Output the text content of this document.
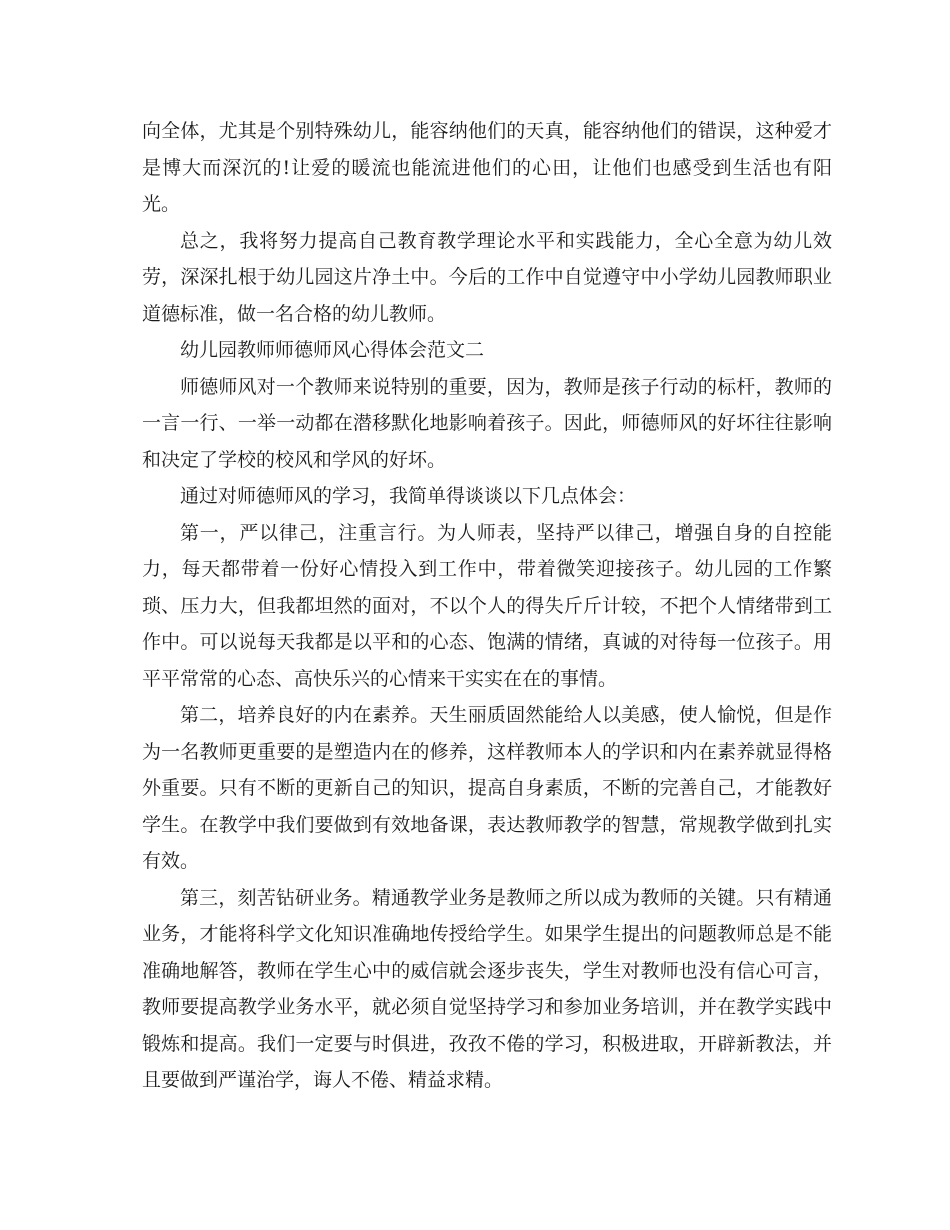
向全体，尤其是个别特殊幼儿，能容纳他们的天真，能容纳他们的错误，这种爱才是博大而深沉的!让爱的暖流也能流进他们的心田，让他们也感受到生活也有阳光。

总之，我将努力提高自己教育教学理论水平和实践能力，全心全意为幼儿效劳，深深扎根于幼儿园这片净土中。今后的工作中自觉遵守中小学幼儿园教师职业道德标准，做一名合格的幼儿教师。

幼儿园教师师德师风心得体会范文二

师德师风对一个教师来说特别的重要，因为，教师是孩子行动的标杆，教师的一言一行、一举一动都在潜移默化地影响着孩子。因此，师德师风的好坏往往影响和决定了学校的校风和学风的好坏。

通过对师德师风的学习，我简单得谈谈以下几点体会：

第一，严以律己，注重言行。为人师表，坚持严以律己，增强自身的自控能力，每天都带着一份好心情投入到工作中，带着微笑迎接孩子。幼儿园的工作繁琐、压力大，但我都坦然的面对，不以个人的得失斤斤计较，不把个人情绪带到工作中。可以说每天我都是以平和的心态、饱满的情绪，真诚的对待每一位孩子。用平平常常的心态、高快乐兴的心情来干实实在在的事情。

第二，培养良好的内在素养。天生丽质固然能给人以美感，使人愉悦，但是作为一名教师更重要的是塑造内在的修养，这样教师本人的学识和内在素养就显得格外重要。只有不断的更新自己的知识，提高自身素质，不断的完善自己，才能教好学生。在教学中我们要做到有效地备课，表达教师教学的智慧，常规教学做到扎实有效。

第三，刻苦钻研业务。精通教学业务是教师之所以成为教师的关键。只有精通业务，才能将科学文化知识准确地传授给学生。如果学生提出的问题教师总是不能准确地解答，教师在学生心中的威信就会逐步丧失，学生对教师也没有信心可言，教师要提高教学业务水平，就必须自觉坚持学习和参加业务培训，并在教学实践中锻炼和提高。我们一定要与时俱进，孜孜不倦的学习，积极进取，开辟新教法，并且要做到严谨治学，诲人不倦、精益求精。
